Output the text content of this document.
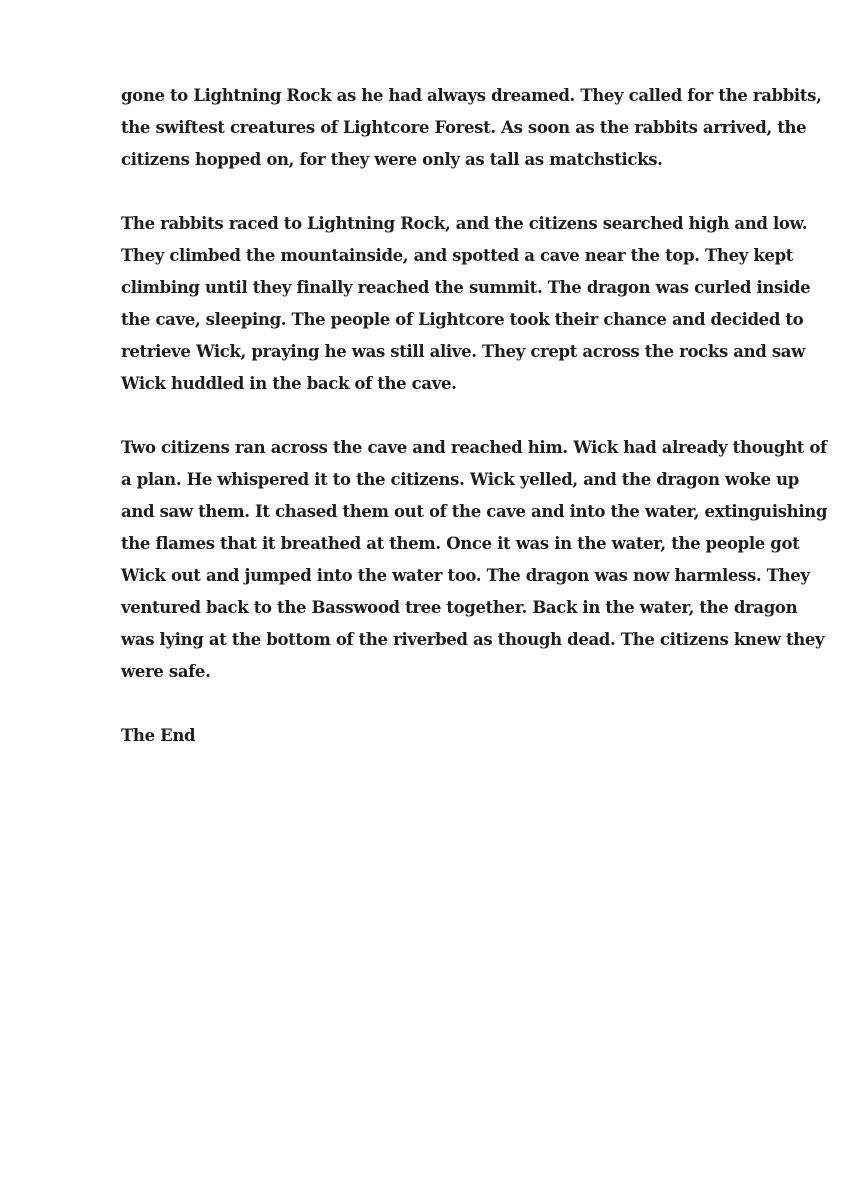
gone to Lightning Rock as he had always dreamed. They called for the rabbits,
the swiftest creatures of Lightcore Forest. As soon as the rabbits arrived, the
citizens hopped on, for they were only as tall as matchsticks.

The rabbits raced to Lightning Rock, and the citizens searched high and low.
They climbed the mountainside, and spotted a cave near the top. They kept
climbing until they finally reached the summit. The dragon was curled inside
the cave, sleeping. The people of Lightcore took their chance and decided to
retrieve Wick, praying he was still alive. They crept across the rocks and saw
Wick huddled in the back of the cave.

Two citizens ran across the cave and reached him. Wick had already thought of
a plan. He whispered it to the citizens. Wick yelled, and the dragon woke up
and saw them. It chased them out of the cave and into the water, extinguishing
the flames that it breathed at them. Once it was in the water, the people got
Wick out and jumped into the water too. The dragon was now harmless. They
ventured back to the Basswood tree together. Back in the water, the dragon
was lying at the bottom of the riverbed as though dead. The citizens knew they
were safe.

The End
